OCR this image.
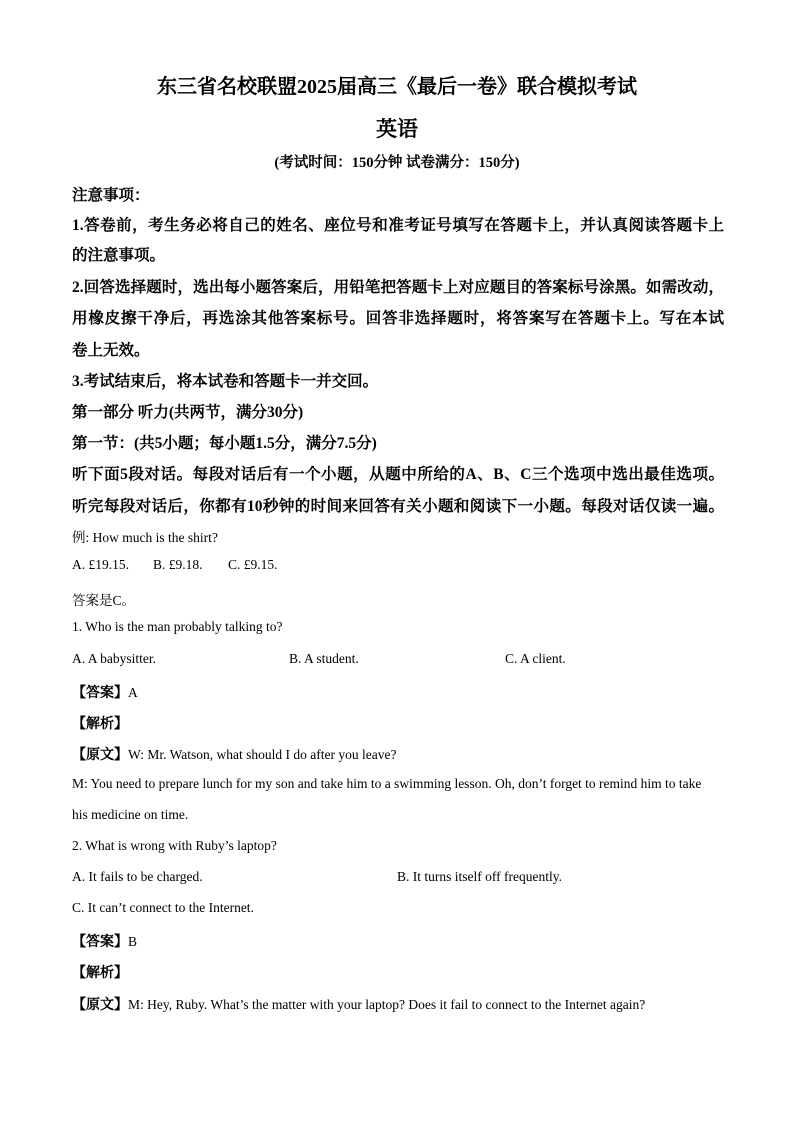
东三省名校联盟2025届高三《最后一卷》联合模拟考试
英语
(考试时间：150分钟 试卷满分：150分)
注意事项：
1.答卷前，考生务必将自己的姓名、座位号和准考证号填写在答题卡上，并认真阅读答题卡上
的注意事项。
2.回答选择题时，选出每小题答案后，用铅笔把答题卡上对应题目的答案标号涂黑。如需改动，
用橡皮擦干净后，再选涂其他答案标号。回答非选择题时，将答案写在答题卡上。写在本试
卷上无效。
3.考试结束后，将本试卷和答题卡一并交回。
第一部分 听力(共两节，满分30分)
第一节：(共5小题；每小题1.5分，满分7.5分)
听下面5段对话。每段对话后有一个小题，从题中所给的A、B、C三个选项中选出最佳选项。
听完每段对话后，你都有10秒钟的时间来回答有关小题和阅读下一小题。每段对话仅读一遍。
例: How much is the shirt?
A. £19.15. B. £9.18. C. £9.15.
答案是C。
1. Who is the man probably talking to?
A. A babysitter.	B. A student.	C. A client.
【答案】A
【解析】
【原文】W: Mr. Watson, what should I do after you leave?
M: You need to prepare lunch for my son and take him to a swimming lesson. Oh, don’t forget to remind him to take
his medicine on time.
2. What is wrong with Ruby’s laptop?
A. It fails to be charged.	B. It turns itself off frequently.
C. It can’t connect to the Internet.
【答案】B
【解析】
【原文】M: Hey, Ruby. What’s the matter with your laptop? Does it fail to connect to the Internet again?
